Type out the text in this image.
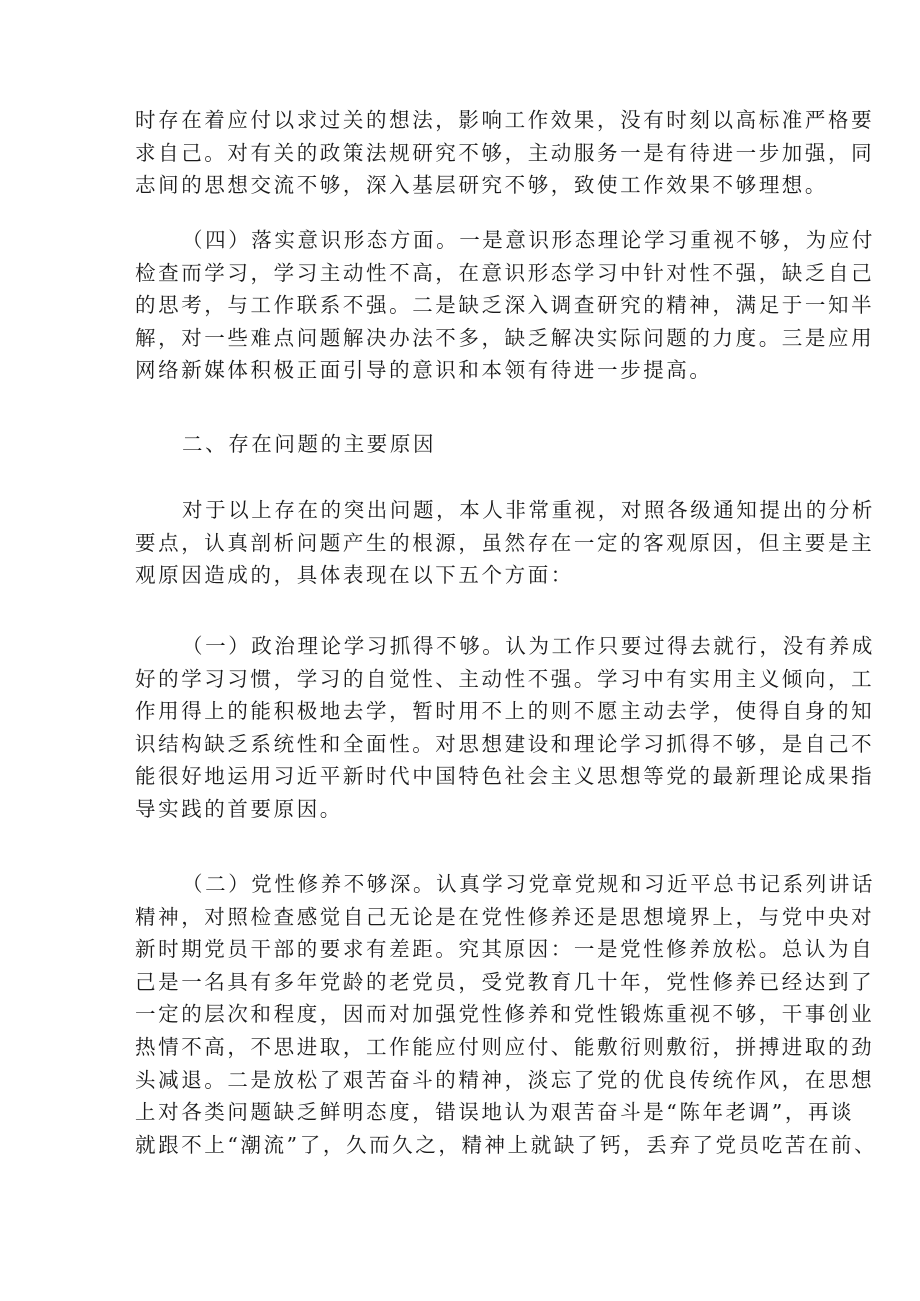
时存在着应付以求过关的想法，影响工作效果，没有时刻以高标准严格要
求自己。对有关的政策法规研究不够，主动服务一是有待进一步加强，同
志间的思想交流不够，深入基层研究不够，致使工作效果不够理想。
（四）落实意识形态方面。一是意识形态理论学习重视不够，为应付
检查而学习，学习主动性不高，在意识形态学习中针对性不强，缺乏自己
的思考，与工作联系不强。二是缺乏深入调查研究的精神，满足于一知半
解，对一些难点问题解决办法不多，缺乏解决实际问题的力度。三是应用
网络新媒体积极正面引导的意识和本领有待进一步提高。
二、存在问题的主要原因
对于以上存在的突出问题，本人非常重视，对照各级通知提出的分析
要点，认真剖析问题产生的根源，虽然存在一定的客观原因，但主要是主
观原因造成的，具体表现在以下五个方面：
（一）政治理论学习抓得不够。认为工作只要过得去就行，没有养成
好的学习习惯，学习的自觉性、主动性不强。学习中有实用主义倾向，工
作用得上的能积极地去学，暂时用不上的则不愿主动去学，使得自身的知
识结构缺乏系统性和全面性。对思想建设和理论学习抓得不够，是自己不
能很好地运用习近平新时代中国特色社会主义思想等党的最新理论成果指
导实践的首要原因。
（二）党性修养不够深。认真学习党章党规和习近平总书记系列讲话
精神，对照检查感觉自己无论是在党性修养还是思想境界上，与党中央对
新时期党员干部的要求有差距。究其原因：一是党性修养放松。总认为自
己是一名具有多年党龄的老党员，受党教育几十年，党性修养已经达到了
一定的层次和程度，因而对加强党性修养和党性锻炼重视不够，干事创业
热情不高，不思进取，工作能应付则应付、能敷衍则敷衍，拼搏进取的劲
头减退。二是放松了艰苦奋斗的精神，淡忘了党的优良传统作风，在思想
上对各类问题缺乏鲜明态度，错误地认为艰苦奋斗是“陈年老调”，再谈
就跟不上“潮流”了，久而久之，精神上就缺了钙，丢弃了党员吃苦在前、
